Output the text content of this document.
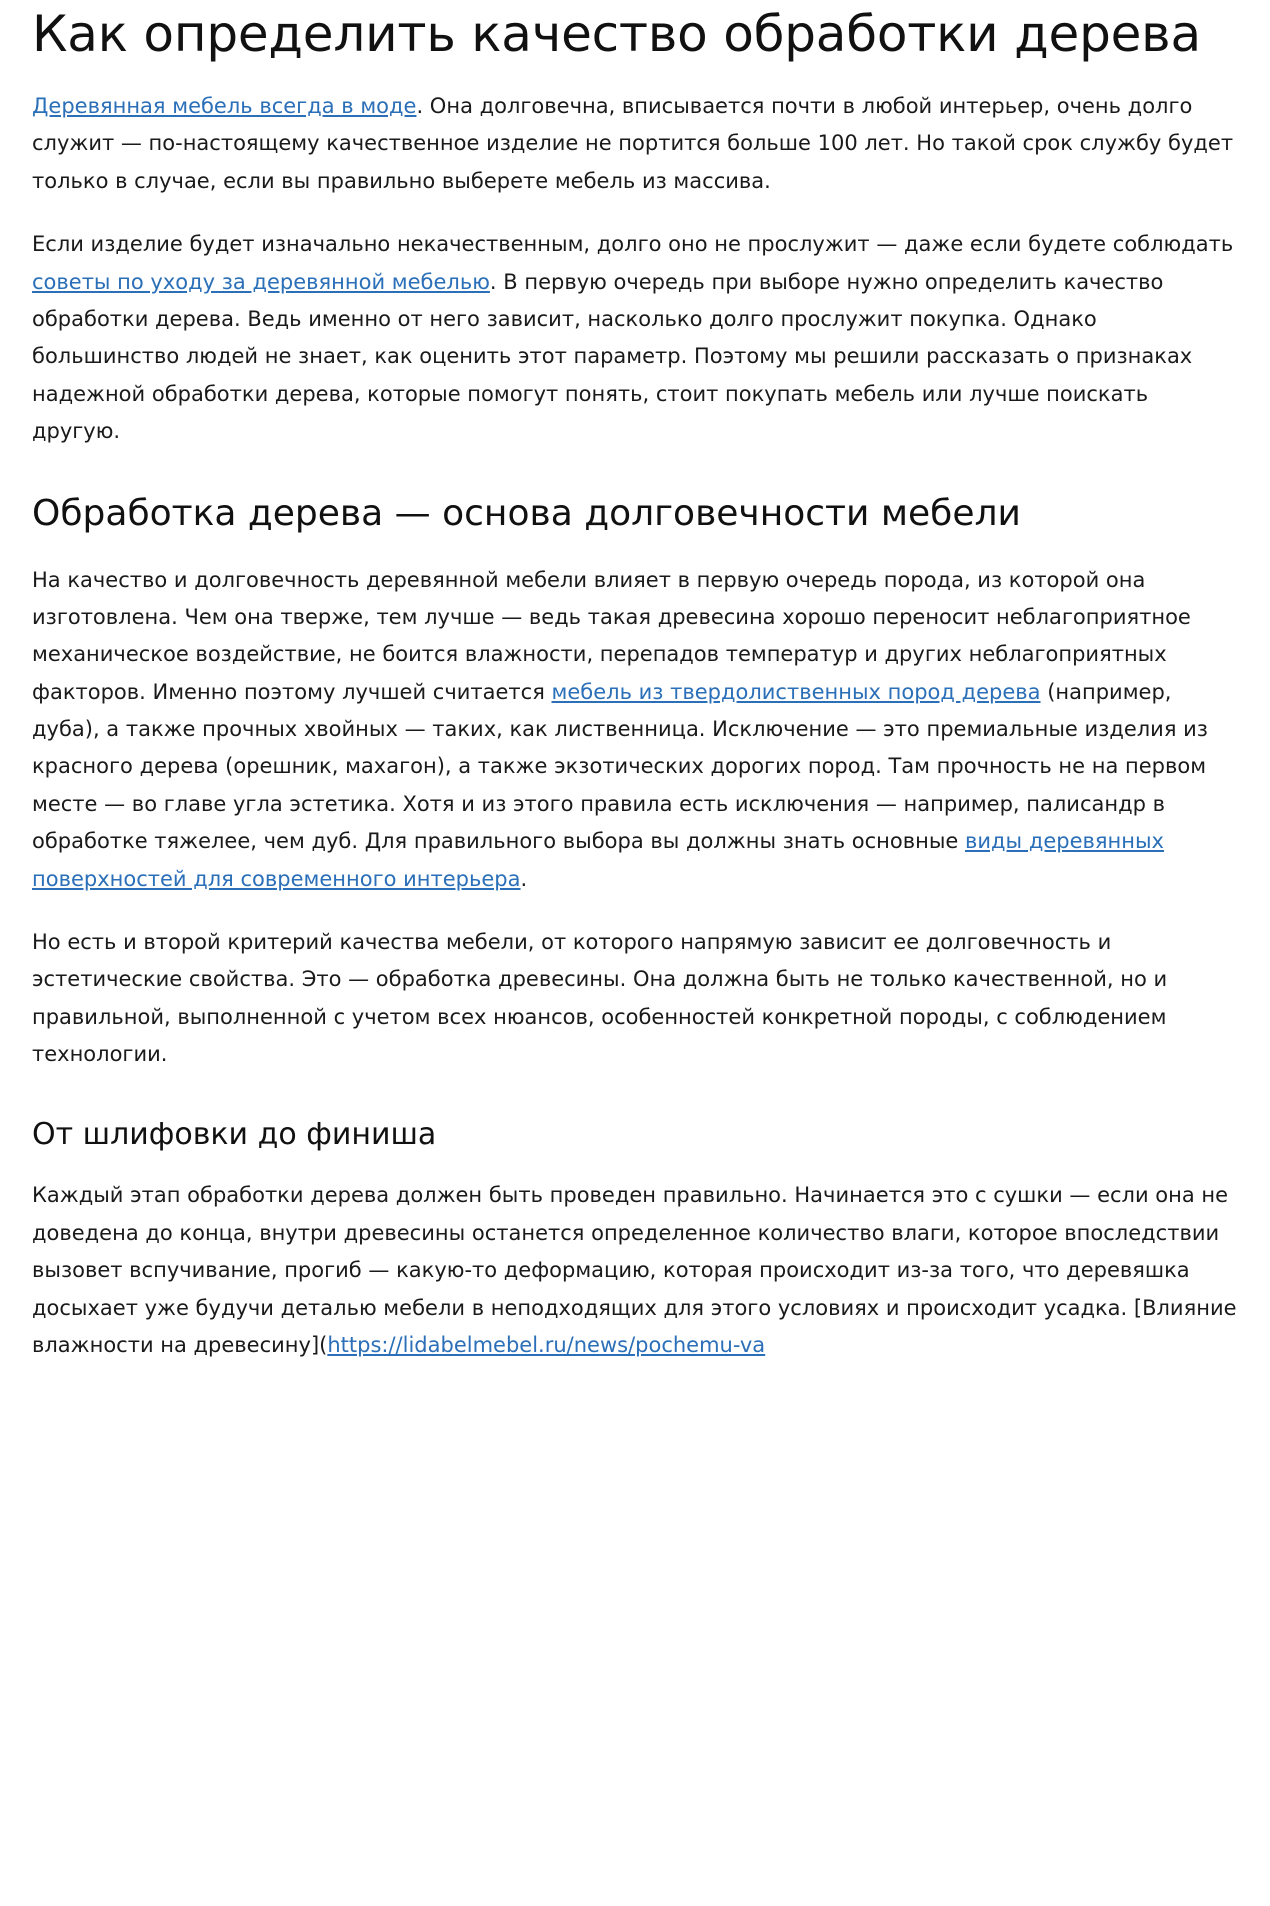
Как определить качество обработки дерева

Деревянная мебель всегда в моде. Она долговечна, вписывается почти в любой интерьер, очень долго служит — по-настоящему качественное изделие не портится больше 100 лет. Но такой срок службу будет только в случае, если вы правильно выберете мебель из массива.

Если изделие будет изначально некачественным, долго оно не прослужит — даже если будете соблюдать советы по уходу за деревянной мебелью. В первую очередь при выборе нужно определить качество обработки дерева. Ведь именно от него зависит, насколько долго прослужит покупка. Однако большинство людей не знает, как оценить этот параметр. Поэтому мы решили рассказать о признаках надежной обработки дерева, которые помогут понять, стоит покупать мебель или лучше поискать другую.

Обработка дерева — основа долговечности мебели

На качество и долговечность деревянной мебели влияет в первую очередь порода, из которой она изготовлена. Чем она тверже, тем лучше — ведь такая древесина хорошо переносит неблагоприятное механическое воздействие, не боится влажности, перепадов температур и других неблагоприятных факторов. Именно поэтому лучшей считается мебель из твердолиственных пород дерева (например, дуба), а также прочных хвойных — таких, как лиственница. Исключение — это премиальные изделия из красного дерева (орешник, махагон), а также экзотических дорогих пород. Там прочность не на первом месте — во главе угла эстетика. Хотя и из этого правила есть исключения — например, палисандр в обработке тяжелее, чем дуб. Для правильного выбора вы должны знать основные виды деревянных поверхностей для современного интерьера.

Но есть и второй критерий качества мебели, от которого напрямую зависит ее долговечность и эстетические свойства. Это — обработка древесины. Она должна быть не только качественной, но и правильной, выполненной с учетом всех нюансов, особенностей конкретной породы, с соблюдением технологии.

От шлифовки до финиша

Каждый этап обработки дерева должен быть проведен правильно. Начинается это с сушки — если она не доведена до конца, внутри древесины останется определенное количество влаги, которое впоследствии вызовет вспучивание, прогиб — какую-то деформацию, которая происходит из-за того, что деревяшка досыхает уже будучи деталью мебели в неподходящих для этого условиях и происходит усадка. [Влияние влажности на древесину](https://lidabelmebel.ru/news/pochemu-va
